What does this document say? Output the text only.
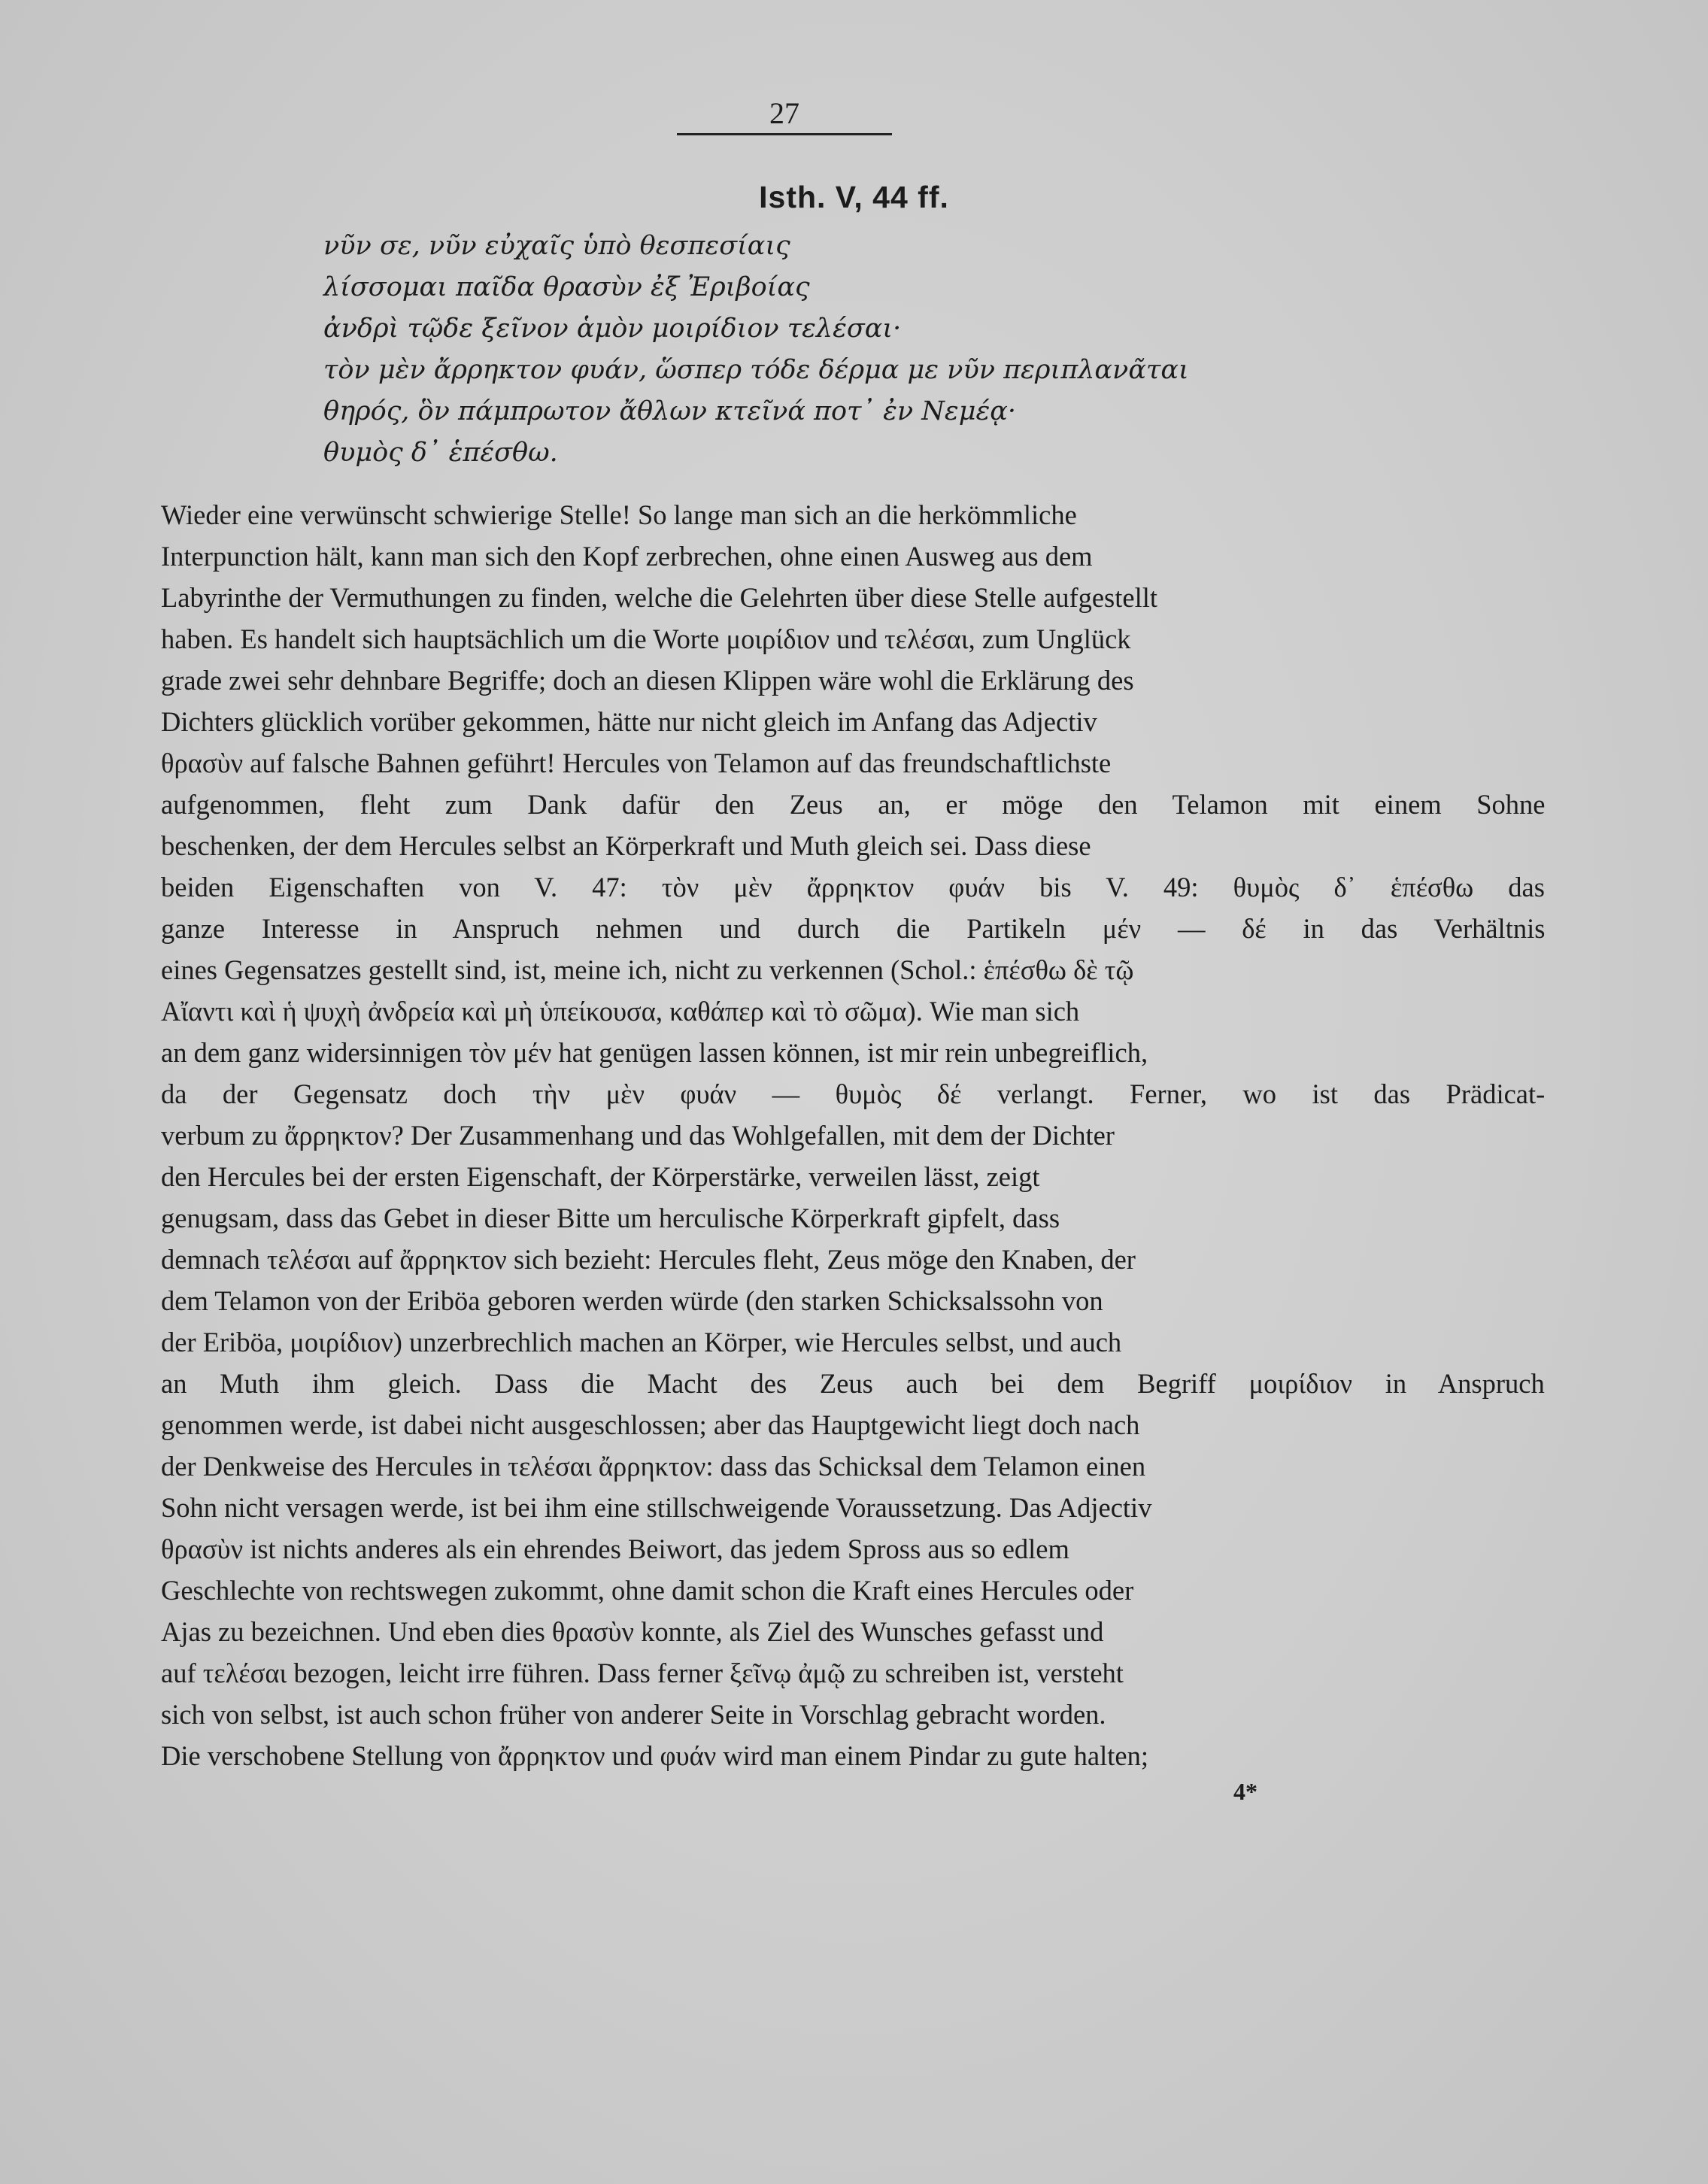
27
Isth. V, 44 ff.
νῦν σε, νῦν εὐχαῖς ὑπὸ θεσπεσίαις
λίσσομαι παῖδα θρασὺν ἐξ Ἐριβοίας
ἀνδρὶ τῷδε ξεῖνον ἁμὸν μοιρίδιον τελέσαι·
τὸν μὲν ἄρρηκτον φυάν, ὥσπερ τόδε δέρμα με νῦν περιπλανᾶται
θηρός, ὃν πάμπρωτον ἄθλων κτεῖνά ποτ᾽ ἐν Νεμέᾳ·
θυμὸς δ᾽ ἑπέσθω.
Wieder eine verwünscht schwierige Stelle! So lange man sich an die herkömmliche
Interpunction hält, kann man sich den Kopf zerbrechen, ohne einen Ausweg aus dem
Labyrinthe der Vermuthungen zu finden, welche die Gelehrten über diese Stelle aufgestellt
haben. Es handelt sich hauptsächlich um die Worte μοιρίδιον und τελέσαι, zum Unglück
grade zwei sehr dehnbare Begriffe; doch an diesen Klippen wäre wohl die Erklärung des
Dichters glücklich vorüber gekommen, hätte nur nicht gleich im Anfang das Adjectiv
θρασὺν auf falsche Bahnen geführt! Hercules von Telamon auf das freundschaftlichste
aufgenommen, fleht zum Dank dafür den Zeus an, er möge den Telamon mit einem Sohne
beschenken, der dem Hercules selbst an Körperkraft und Muth gleich sei. Dass diese
beiden Eigenschaften von V. 47: τὸν μὲν ἄρρηκτον φυάν bis V. 49: θυμὸς δ᾽ ἑπέσθω das
ganze Interesse in Anspruch nehmen und durch die Partikeln μέν — δέ in das Verhältnis
eines Gegensatzes gestellt sind, ist, meine ich, nicht zu verkennen (Schol.: ἑπέσθω δὲ τῷ
Αἴαντι καὶ ἡ ψυχὴ ἀνδρεία καὶ μὴ ὑπείκουσα, καθάπερ καὶ τὸ σῶμα). Wie man sich
an dem ganz widersinnigen τὸν μέν hat genügen lassen können, ist mir rein unbegreiflich,
da der Gegensatz doch τὴν μὲν φυάν — θυμὸς δέ verlangt. Ferner, wo ist das Prädicat-
verbum zu ἄρρηκτον? Der Zusammenhang und das Wohlgefallen, mit dem der Dichter
den Hercules bei der ersten Eigenschaft, der Körperstärke, verweilen lässt, zeigt
genugsam, dass das Gebet in dieser Bitte um herculische Körperkraft gipfelt, dass
demnach τελέσαι auf ἄρρηκτον sich bezieht: Hercules fleht, Zeus möge den Knaben, der
dem Telamon von der Eriböa geboren werden würde (den starken Schicksalssohn von
der Eriböa, μοιρίδιον) unzerbrechlich machen an Körper, wie Hercules selbst, und auch
an Muth ihm gleich. Dass die Macht des Zeus auch bei dem Begriff μοιρίδιον in Anspruch
genommen werde, ist dabei nicht ausgeschlossen; aber das Hauptgewicht liegt doch nach
der Denkweise des Hercules in τελέσαι ἄρρηκτον: dass das Schicksal dem Telamon einen
Sohn nicht versagen werde, ist bei ihm eine stillschweigende Voraussetzung. Das Adjectiv
θρασὺν ist nichts anderes als ein ehrendes Beiwort, das jedem Spross aus so edlem
Geschlechte von rechtswegen zukommt, ohne damit schon die Kraft eines Hercules oder
Ajas zu bezeichnen. Und eben dies θρασὺν konnte, als Ziel des Wunsches gefasst und
auf τελέσαι bezogen, leicht irre führen. Dass ferner ξεῖνῳ ἀμῷ zu schreiben ist, versteht
sich von selbst, ist auch schon früher von anderer Seite in Vorschlag gebracht worden.
Die verschobene Stellung von ἄρρηκτον und φυάν wird man einem Pindar zu gute halten;
4*
